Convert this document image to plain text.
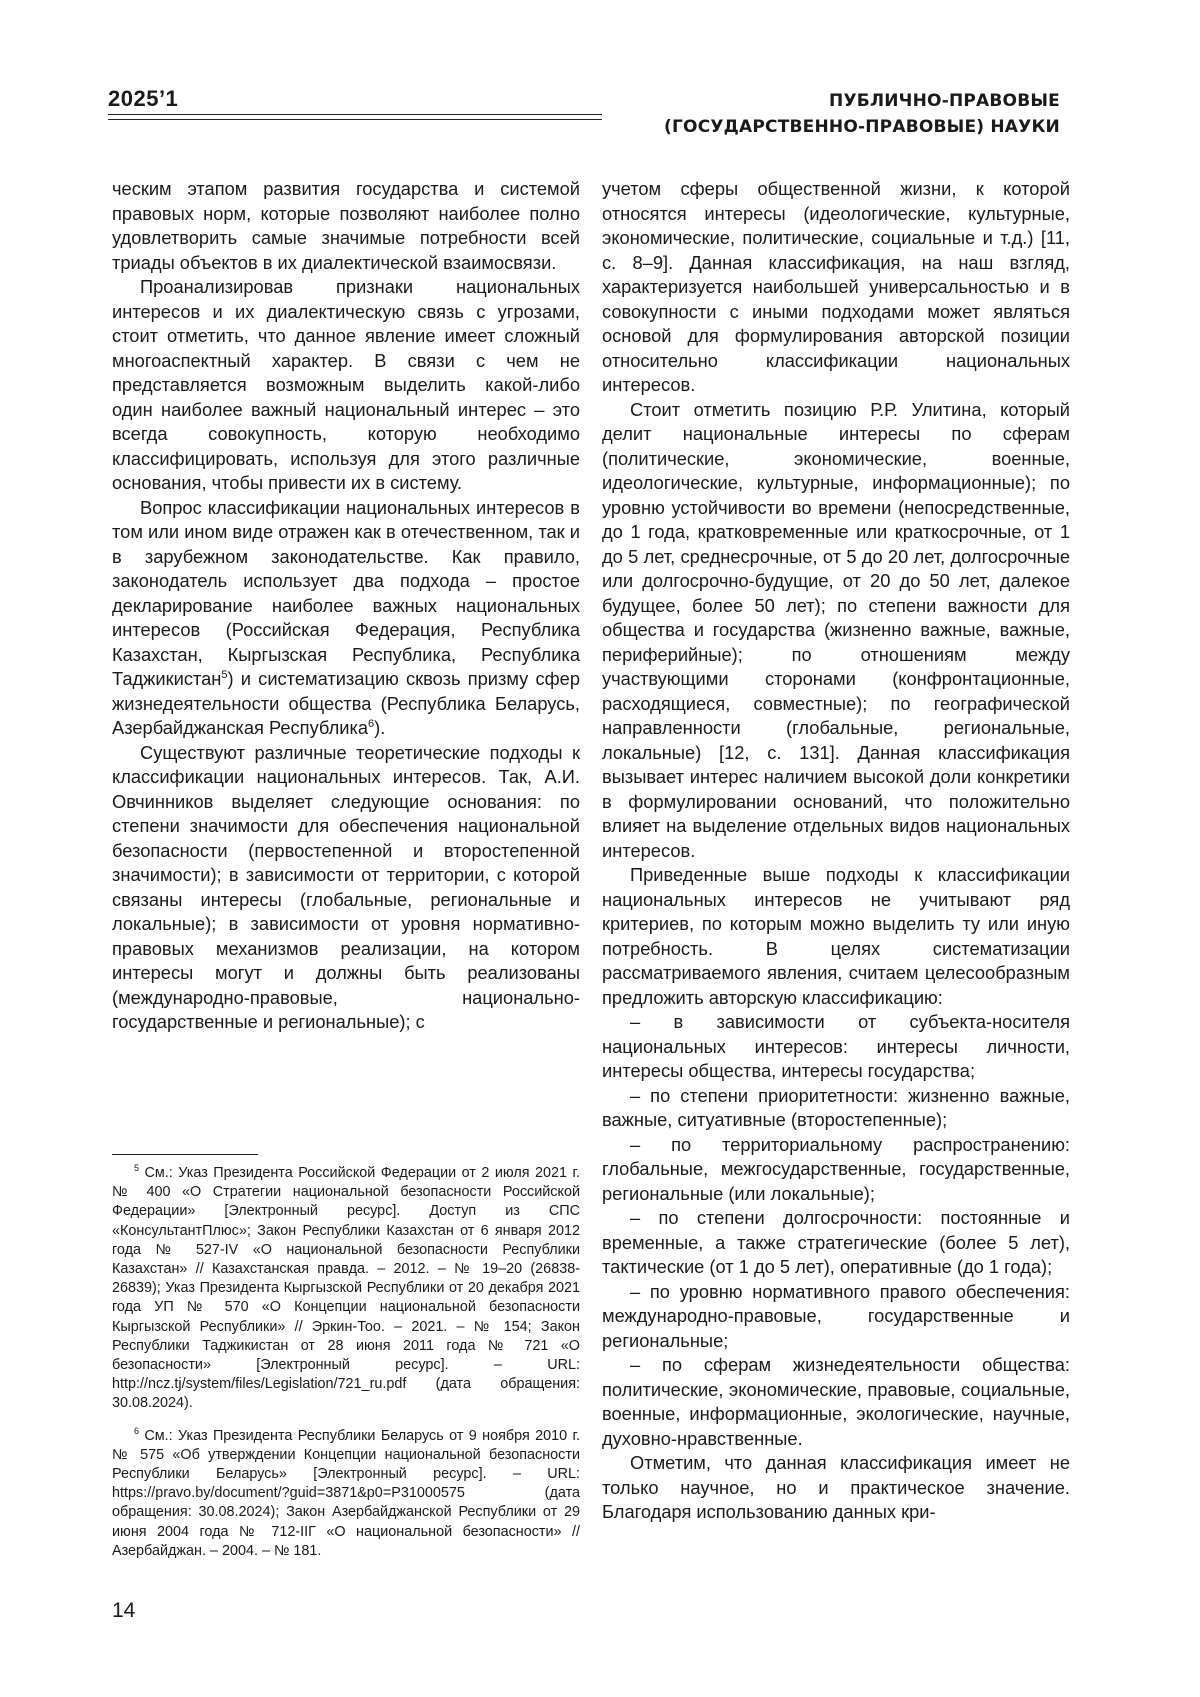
2025’1	ПУБЛИЧНО-ПРАВОВЫЕ
(ГОСУДАРСТВЕННО-ПРАВОВЫЕ) НАУКИ

ческим этапом развития государства и системой правовых норм, которые позволяют наиболее полно удовлетворить самые значимые потребности всей триады объектов в их диалектической взаимосвязи.

Проанализировав признаки национальных интересов и их диалектическую связь с угрозами, стоит отметить, что данное явление имеет сложный многоаспектный характер. В связи с чем не представляется возможным выделить какой-либо один наиболее важный национальный интерес – это всегда совокупность, которую необходимо классифицировать, используя для этого различные основания, чтобы привести их в систему.

Вопрос классификации национальных интересов в том или ином виде отражен как в отечественном, так и в зарубежном законодательстве. Как правило, законодатель использует два подхода – простое декларирование наиболее важных национальных интересов (Российская Федерация, Республика Казахстан, Кыргызская Республика, Республика Таджикистан$^5$) и систематизацию сквозь призму сфер жизнедеятельности общества (Республика Беларусь, Азербайджанская Республика$^6$).

Существуют различные теоретические подходы к классификации национальных интересов. Так, А.И. Овчинников выделяет следующие основания: по степени значимости для обеспечения национальной безопасности (первостепенной и второстепенной значимости); в зависимости от территории, с которой связаны интересы (глобальные, региональные и локальные); в зависимости от уровня нормативно-правовых механизмов реализации, на котором интересы могут и должны быть реализованы (международно-правовые, национально-государственные и региональные); с

$^5$ См.: Указ Президента Российской Федерации от 2 июля 2021 г. № 400 «О Стратегии национальной безопасности Российской Федерации» [Электронный ресурс]. Доступ из СПС «КонсультантПлюс»; Закон Республики Казахстан от 6 января 2012 года № 527-IV «О национальной безопасности Республики Казахстан» // Казахстанская правда. – 2012. – № 19–20 (26838-26839); Указ Президента Кыргызской Республики от 20 декабря 2021 года УП № 570 «О Концепции национальной безопасности Кыргызской Республики» // Эркин-Тоо. – 2021. – № 154; Закон Республики Таджикистан от 28 июня 2011 года № 721 «О безопасности» [Электронный ресурс]. – URL: http://ncz.tj/system/files/Legislation/721_ru.pdf (дата обращения: 30.08.2024).

$^6$ См.: Указ Президента Республики Беларусь от 9 ноября 2010 г. № 575 «Об утверждении Концепции национальной безопасности Республики Беларусь» [Электронный ресурс]. – URL: https://pravo.by/document/?guid=3871&p0=P31000575 (дата обращения: 30.08.2024); Закон Азербайджанской Республики от 29 июня 2004 года № 712-IIГ «О национальной безопасности» // Азербайджан. – 2004. – № 181.

учетом сферы общественной жизни, к которой относятся интересы (идеологические, культурные, экономические, политические, социальные и т.д.) [11, с. 8–9]. Данная классификация, на наш взгляд, характеризуется наибольшей универсальностью и в совокупности с иными подходами может являться основой для формулирования авторской позиции относительно классификации национальных интересов.

Стоит отметить позицию Р.Р. Улитина, который делит национальные интересы по сферам (политические, экономические, военные, идеологические, культурные, информационные); по уровню устойчивости во времени (непосредственные, до 1 года, кратковременные или краткосрочные, от 1 до 5 лет, среднесрочные, от 5 до 20 лет, долгосрочные или долгосрочно-будущие, от 20 до 50 лет, далекое будущее, более 50 лет); по степени важности для общества и государства (жизненно важные, важные, периферийные); по отношениям между участвующими сторонами (конфронтационные, расходящиеся, совместные); по географической направленности (глобальные, региональные, локальные) [12, с. 131]. Данная классификация вызывает интерес наличием высокой доли конкретики в формулировании оснований, что положительно влияет на выделение отдельных видов национальных интересов.

Приведенные выше подходы к классификации национальных интересов не учитывают ряд критериев, по которым можно выделить ту или иную потребность. В целях систематизации рассматриваемого явления, считаем целесообразным предложить авторскую классификацию:

– в зависимости от субъекта-носителя национальных интересов: интересы личности, интересы общества, интересы государства;

– по степени приоритетности: жизненно важные, важные, ситуативные (второстепенные);

– по территориальному распространению: глобальные, межгосударственные, государственные, региональные (или локальные);

– по степени долгосрочности: постоянные и временные, а также стратегические (более 5 лет), тактические (от 1 до 5 лет), оперативные (до 1 года);

– по уровню нормативного правого обеспечения: международно-правовые, государственные и региональные;

– по сферам жизнедеятельности общества: политические, экономические, правовые, социальные, военные, информационные, экологические, научные, духовно-нравственные.

Отметим, что данная классификация имеет не только научное, но и практическое значение. Благодаря использованию данных кри-

14
